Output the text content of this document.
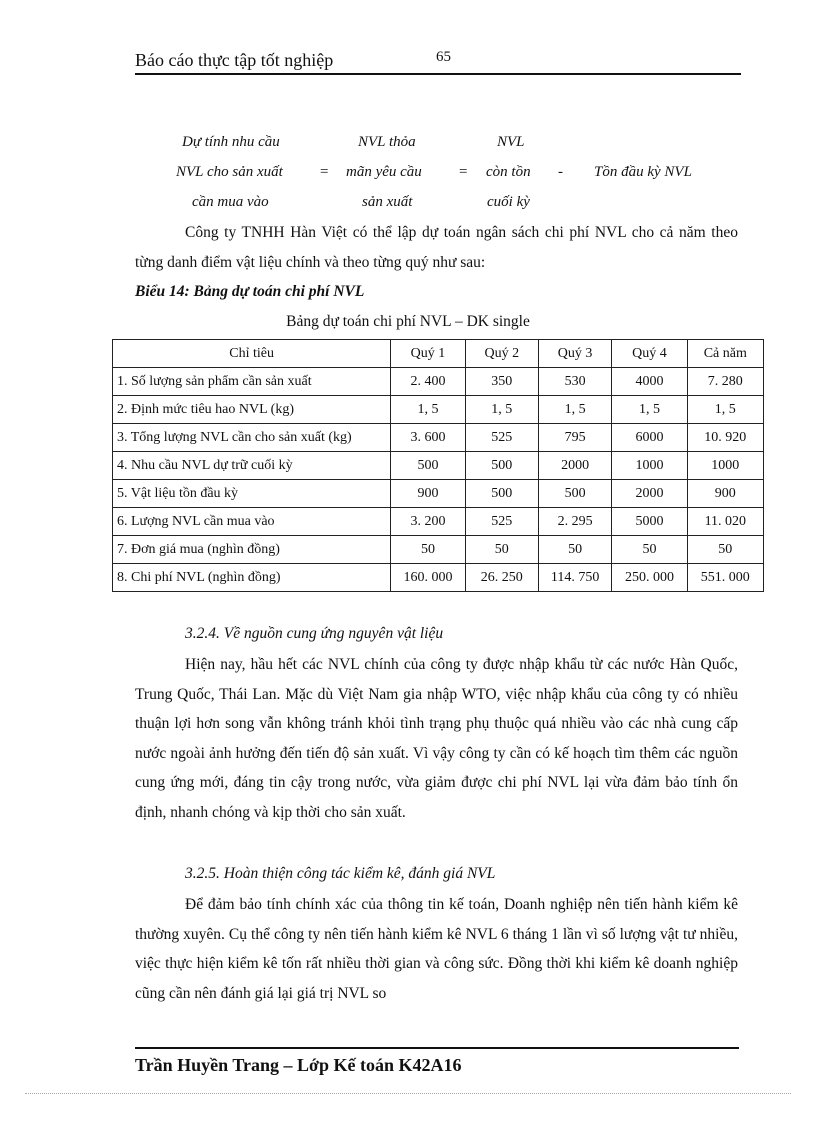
Báo cáo thực tập tốt nghiệp	65
Dự tính nhu cầu
NVL cho sản xuất
cần mua vào
=
NVL thỏa
mãn yêu cầu
sản xuất
=
NVL
còn tồn
cuối kỳ
- Tồn đầu kỳ NVL

Công ty TNHH Hàn Việt có thể lập dự toán ngân sách chi phí NVL cho cả năm theo từng danh điểm vật liệu chính và theo từng quý như sau:

Biểu 14: Bảng dự toán chi phí NVL
Bảng dự toán chi phí NVL – DK single
Chỉ tiêu	Quý 1	Quý 2	Quý 3	Quý 4	Cả năm
1. Số lượng sản phẩm cần sản xuất	2. 400	350	530	4000	7. 280
2. Định mức tiêu hao NVL (kg)	1, 5	1, 5	1, 5	1, 5	1, 5
3. Tổng lượng NVL cần cho sản xuất (kg)	3. 600	525	795	6000	10. 920
4. Nhu cầu NVL dự trữ cuối kỳ	500	500	2000	1000	1000
5. Vật liệu tồn đầu kỳ	900	500	500	2000	900
6. Lượng NVL cần mua vào	3. 200	525	2. 295	5000	11. 020
7. Đơn giá mua (nghìn đồng)	50	50	50	50	50
8. Chi phí NVL (nghìn đồng)	160. 000	26. 250	114. 750	250. 000	551. 000
3.2.4. Về nguồn cung ứng nguyên vật liệu

Hiện nay, hầu hết các NVL chính của công ty được nhập khẩu từ các nước Hàn Quốc, Trung Quốc, Thái Lan. Mặc dù Việt Nam gia nhập WTO, việc nhập khẩu của công ty có nhiều thuận lợi hơn song vẫn không tránh khỏi tình trạng phụ thuộc quá nhiều vào các nhà cung cấp nước ngoài ảnh hưởng đến tiến độ sản xuất. Vì vậy công ty cần có kế hoạch tìm thêm các nguồn cung ứng mới, đáng tin cậy trong nước, vừa giảm được chi phí NVL lại vừa đảm bảo tính ổn định, nhanh chóng và kịp thời cho sản xuất.

3.2.5. Hoàn thiện công tác kiểm kê, đánh giá NVL

Để đảm bảo tính chính xác của thông tin kế toán, Doanh nghiệp nên tiến hành kiểm kê thường xuyên. Cụ thể công ty nên tiến hành kiểm kê NVL 6 tháng 1 lần vì số lượng vật tư nhiều, việc thực hiện kiểm kê tốn rất nhiều thời gian và công sức. Đồng thời khi kiểm kê doanh nghiệp cũng cần nên đánh giá lại giá trị NVL so

Trần Huyền Trang – Lớp Kế toán K42A16
